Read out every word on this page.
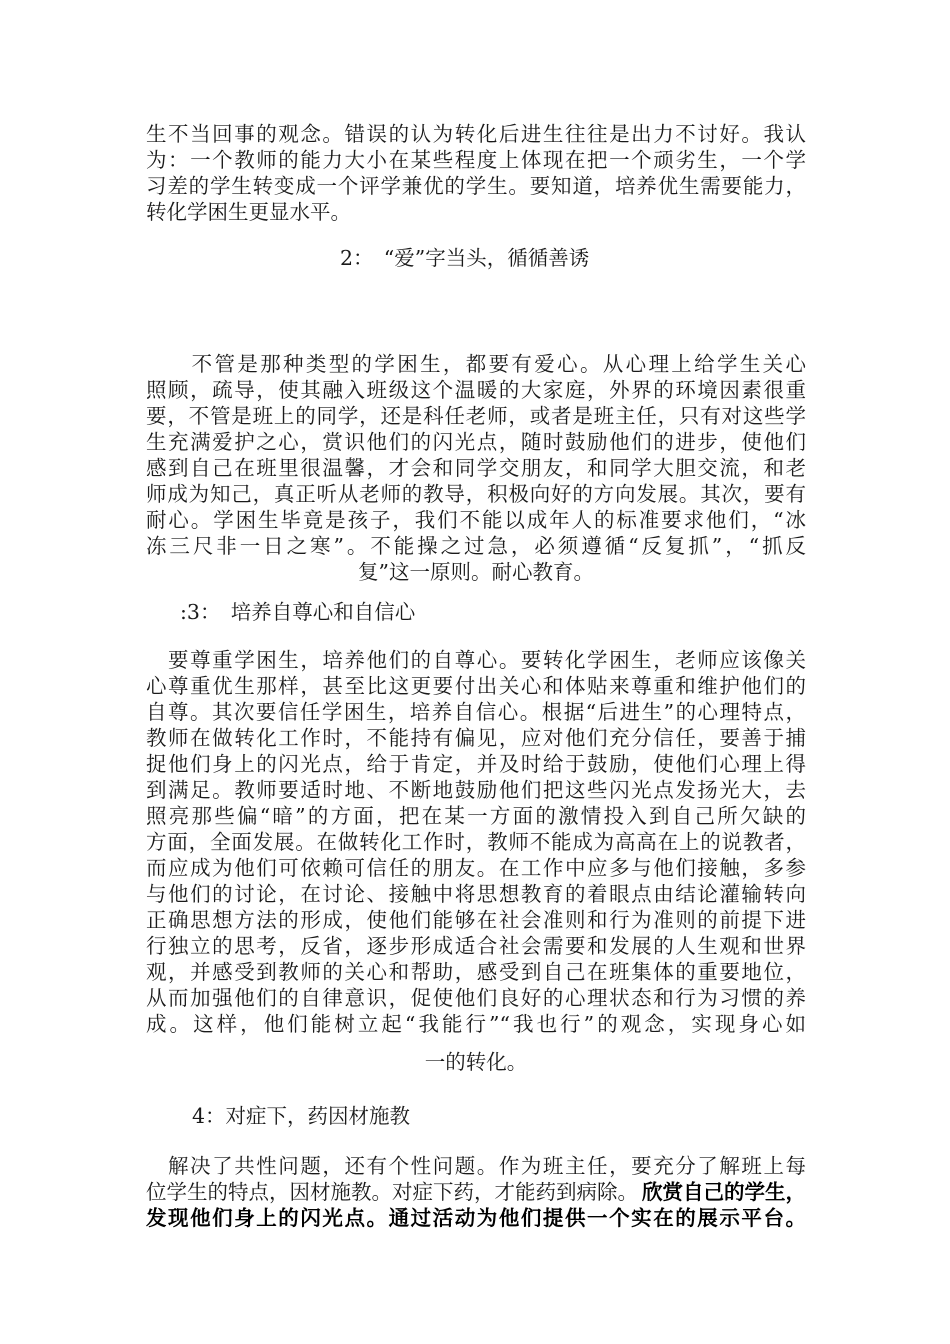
生不当回事的观念。错误的认为转化后进生往往是出力不讨好。我认
为：一个教师的能力大小在某些程度上体现在把一个顽劣生，一个学
习差的学生转变成一个评学兼优的学生。要知道，培养优生需要能力，
转化学困生更显水平。
2：　“爱”字当头，循循善诱
　　不管是那种类型的学困生，都要有爱心。从心理上给学生关心
照顾，疏导，使其融入班级这个温暖的大家庭，外界的环境因素很重
要，不管是班上的同学，还是科任老师，或者是班主任，只有对这些学
生充满爱护之心，赏识他们的闪光点，随时鼓励他们的进步，使他们
感到自己在班里很温馨，才会和同学交朋友，和同学大胆交流，和老
师成为知己，真正听从老师的教导，积极向好的方向发展。其次，要有
耐心。学困生毕竟是孩子，我们不能以成年人的标准要求他们，“冰
冻三尺非一日之寒”。不能操之过急，必须遵循“反复抓”，“抓反
复”这一原则。耐心教育。
:3：　培养自尊心和自信心
　要尊重学困生，培养他们的自尊心。要转化学困生，老师应该像关
心尊重优生那样，甚至比这更要付出关心和体贴来尊重和维护他们的
自尊。其次要信任学困生，培养自信心。根据“后进生”的心理特点，
教师在做转化工作时，不能持有偏见，应对他们充分信任，要善于捕
捉他们身上的闪光点，给于肯定，并及时给于鼓励，使他们心理上得
到满足。教师要适时地、不断地鼓励他们把这些闪光点发扬光大，去
照亮那些偏“暗”的方面，把在某一方面的激情投入到自己所欠缺的
方面，全面发展。在做转化工作时，教师不能成为高高在上的说教者，
而应成为他们可依赖可信任的朋友。在工作中应多与他们接触，多参
与他们的讨论，在讨论、接触中将思想教育的着眼点由结论灌输转向
正确思想方法的形成，使他们能够在社会准则和行为准则的前提下进
行独立的思考，反省，逐步形成适合社会需要和发展的人生观和世界
观，并感受到教师的关心和帮助，感受到自己在班集体的重要地位，
从而加强他们的自律意识，促使他们良好的心理状态和行为习惯的养
成。这样，他们能树立起“我能行”“我也行”的观念，实现身心如
一的转化。
4：对症下，药因材施教
　解决了共性问题，还有个性问题。作为班主任，要充分了解班上每
位学生的特点，因材施教。对症下药，才能药到病除。 欣赏自己的学生，
发现他们身上的闪光点。通过活动为他们提供一个实在的展示平台。
